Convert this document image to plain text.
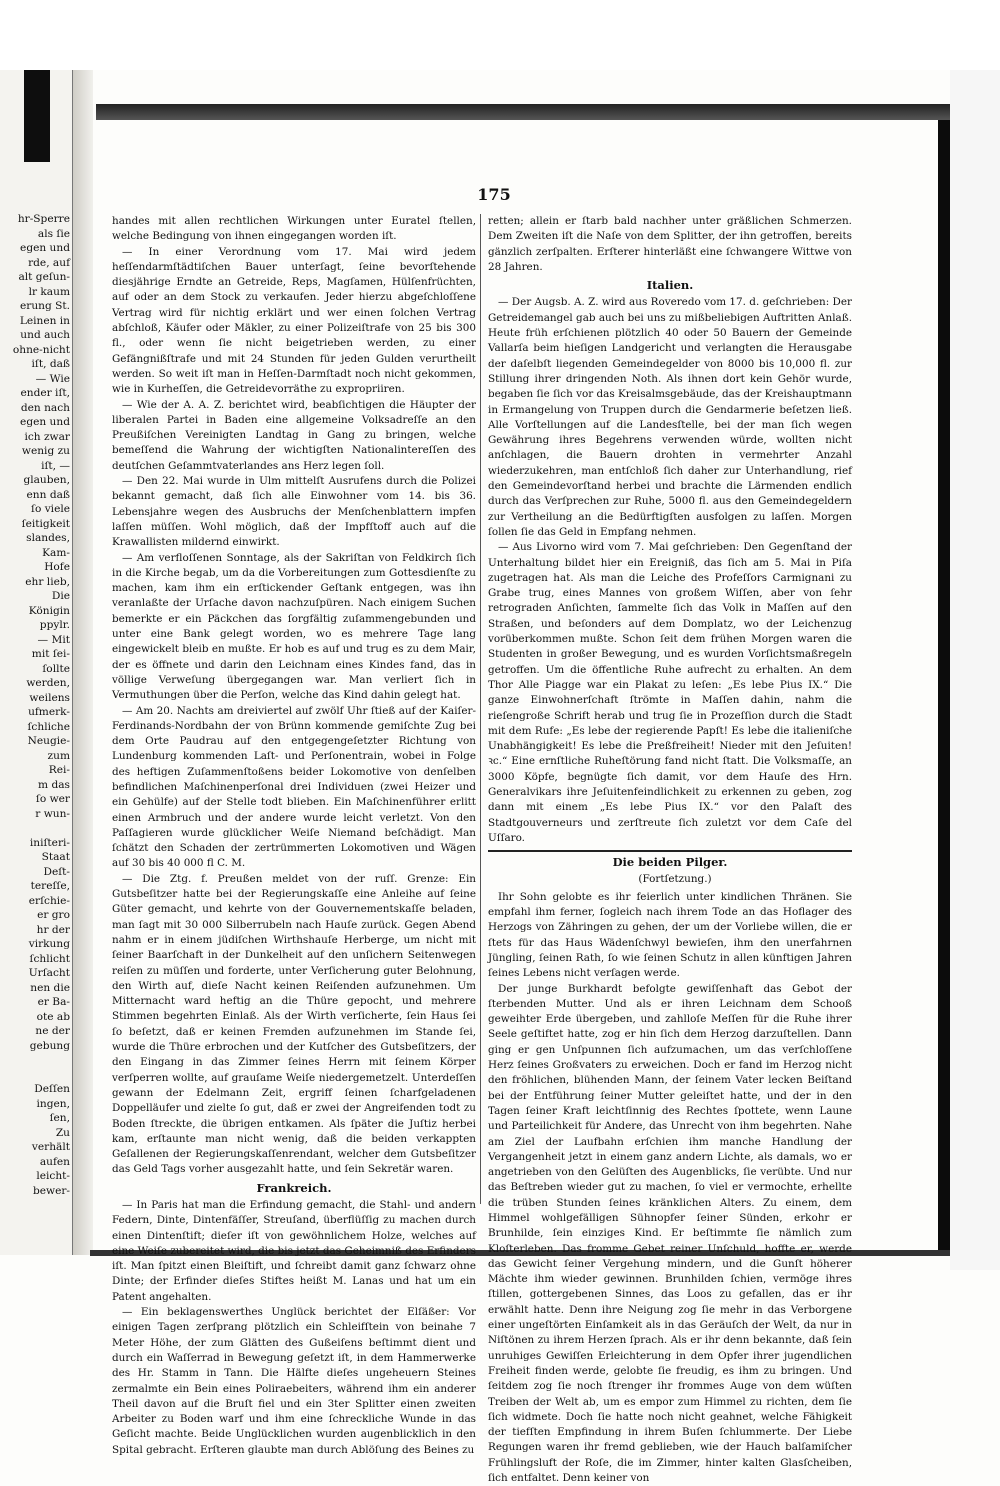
hr-Sperre
als ſie
egen und
rde, auf
alt geſun-
lr kaum
erung St.
Leinen in
und auch
ohne-nicht
iſt, daß
— Wie
ender iſt,
den nach
egen und
ich zwar
wenig zu
iſt, —
glauben,
enn daß
ſo viele
ſeitigkeit
slandes,
Kam-
Hofe
ehr lieb,
Die
Königin
ppylr.
— Mit
mit ſei-
ſollte
werden,
weilens
ufmerk-
ſchliche
Neugie-
zum
Rei-
m das
ſo wer
r wun-
iniſteri-
Staat
Deſt-
tereſſe,
erſchie-
er gro
hr der
virkung
ſchlicht
Urſacht
nen die
er Ba-
ote ab
ne der
gebung
Deſſen
ingen,
ſen,
Zu
verhält
aufen
leicht-
bewer-
175

handes mit allen rechtlichen Wirkungen unter Euratel ſtellen, welche Bedingung von ihnen eingegangen worden iſt.

— In einer Verordnung vom 17. Mai wird jedem heſſendarmſtädtiſchen Bauer unterſagt, ſeine bevorſtehende diesjährige Erndte an Getreide, Reps, Magſamen, Hülſenfrüchten, auf oder an dem Stock zu verkaufen. Jeder hierzu abgeſchloſſene Vertrag wird für nichtig erklärt und wer einen ſolchen Vertrag abſchloß, Käufer oder Mäkler, zu einer Polizeiſtrafe von 25 bis 300 fl., oder wenn ſie nicht beigetrieben werden, zu einer Gefängnißſtrafe und mit 24 Stunden für jeden Gulden verurtheilt werden. So weit iſt man in Heſſen-Darmſtadt noch nicht gekommen, wie in Kurheſſen, die Getreidevorräthe zu expropriiren.

— Wie der A. A. Z. berichtet wird, beabſichtigen die Häupter der liberalen Partei in Baden eine allgemeine Volksadreſſe an den Preußiſchen Vereinigten Landtag in Gang zu bringen, welche bemeſſend die Wahrung der wichtigſten Nationalintereſſen des deutſchen Geſammtvaterlandes ans Herz legen ſoll.

— Den 22. Mai wurde in Ulm mittelſt Ausrufens durch die Polizei bekannt gemacht, daß ſich alle Einwohner vom 14. bis 36. Lebensjahre wegen des Ausbruchs der Menſchenblattern impfen laſſen müſſen. Wohl möglich, daß der Impfſtoff auch auf die Krawallisten mildernd einwirkt.

— Am verfloſſenen Sonntage, als der Sakriſtan von Feldkirch ſich in die Kirche begab, um da die Vorbereitungen zum Gottesdienſte zu machen, kam ihm ein erſtickender Geſtank entgegen, was ihn veranlaßte der Urſache davon nachzuſpüren. Nach einigem Suchen bemerkte er ein Päckchen das ſorgfältig zuſammengebunden und unter eine Bank gelegt worden, wo es mehrere Tage lang eingewickelt bleib en mußte. Er hob es auf und trug es zu dem Mair, der es öffnete und darin den Leichnam eines Kindes fand, das in völlige Verweſung übergegangen war. Man verliert ſich in Vermuthungen über die Perſon, welche das Kind dahin gelegt hat.

— Am 20. Nachts am dreiviertel auf zwölf Uhr ſtieß auf der Kaiſer-Ferdinands-Nordbahn der von Brünn kommende gemiſchte Zug bei dem Orte Paudrau auf den entgegengeſetzter Richtung von Lundenburg kommenden Laſt- und Perſonentrain, wobei in Folge des heftigen Zuſammenſtoßens beider Lokomotive von denſelben befindlichen Maſchinenperſonal drei Individuen (zwei Heizer und ein Gehülfe) auf der Stelle todt blieben. Ein Maſchinenführer erlitt einen Armbruch und der andere wurde leicht verletzt. Von den Paſſagieren wurde glücklicher Weiſe Niemand beſchädigt. Man ſchätzt den Schaden der zertrümmerten Lokomotiven und Wägen auf 30 bis 40 000 fl C. M.

— Die Ztg. f. Preußen meldet von der ruſſ. Grenze: Ein Gutsbeſitzer hatte bei der Regierungskaſſe eine Anleihe auf ſeine Güter gemacht, und kehrte von der Gouvernementskaſſe beladen, man ſagt mit 30 000 Silberrubeln nach Hauſe zurück. Gegen Abend nahm er in einem jüdiſchen Wirthshauſe Herberge, um nicht mit ſeiner Baarſchaft in der Dunkelheit auf den unſichern Seitenwegen reiſen zu müſſen und forderte, unter Verſicherung guter Belohnung, den Wirth auf, dieſe Nacht keinen Reiſenden aufzunehmen. Um Mitternacht ward heftig an die Thüre gepocht, und mehrere Stimmen begehrten Einlaß. Als der Wirth verſicherte, ſein Haus ſei ſo beſetzt, daß er keinen Fremden aufzunehmen im Stande ſei, wurde die Thüre erbrochen und der Kutſcher des Gutsbeſitzers, der den Eingang in das Zimmer ſeines Herrn mit ſeinem Körper verſperren wollte, auf grauſame Weiſe niedergemetzelt. Unterdeſſen gewann der Edelmann Zeit, ergriff ſeinen ſcharfgeladenen Doppelläufer und zielte ſo gut, daß er zwei der Angreifenden todt zu Boden ſtreckte, die übrigen entkamen. Als ſpäter die Juſtiz herbei kam, erſtaunte man nicht wenig, daß die beiden verkappten Geſallenen der Regierungskaſſenrendant, welcher dem Gutsbeſitzer das Geld Tags vorher ausgezahlt hatte, und ſein Sekretär waren.

Frankreich.

— In Paris hat man die Erfindung gemacht, die Stahl- und andern Federn, Dinte, Dintenfäſſer, Streuſand, überflüſſig zu machen durch einen Dintenſtift; dieſer iſt von gewöhnlichem Holze, welches auf eine Weiſe zubereitet wird, die bis jetzt das Geheimniß des Erfinders iſt. Man ſpitzt einen Bleiſtift, und ſchreibt damit ganz ſchwarz ohne Dinte; der Erfinder dieſes Stiftes heißt M. Lanas und hat um ein Patent angehalten.

— Ein beklagenswerthes Unglück berichtet der Elſäßer: Vor einigen Tagen zerſprang plötzlich ein Schleifſtein von beinahe 7 Meter Höhe, der zum Glätten des Gußeiſens beſtimmt dient und durch ein Waſſerrad in Bewegung geſetzt iſt, in dem Hammerwerke des Hr. Stamm in Tann. Die Hälfte dieſes ungeheuern Steines zermalmte ein Bein eines Poliraebeiters, während ihm ein anderer Theil davon auf die Bruſt fiel und ein 3ter Splitter einen zweiten Arbeiter zu Boden warf und ihm eine ſchreckliche Wunde in das Geſicht machte. Beide Unglücklichen wurden augenblicklich in den Spital gebracht. Erſteren glaubte man durch Ablöſung des Beines zu

retten; allein er ſtarb bald nachher unter gräßlichen Schmerzen. Dem Zweiten iſt die Naſe von dem Splitter, der ihn getroffen, bereits gänzlich zerſpalten. Erſterer hinterläßt eine ſchwangere Wittwe von 28 Jahren.

Italien.

— Der Augsb. A. Z. wird aus Roveredo vom 17. d. geſchrieben: Der Getreidemangel gab auch bei uns zu mißbeliebigen Auftritten Anlaß. Heute früh erſchienen plötzlich 40 oder 50 Bauern der Gemeinde Vallarſa beim hieſigen Landgericht und verlangten die Herausgabe der daſelbſt liegenden Gemeindegelder von 8000 bis 10,000 fl. zur Stillung ihrer dringenden Noth. Als ihnen dort kein Gehör wurde, begaben ſie ſich vor das Kreisalmsgebäude, das der Kreishauptmann in Ermangelung von Truppen durch die Gendarmerie beſetzen ließ. Alle Vorſtellungen auf die Landesſtelle, bei der man ſich wegen Gewährung ihres Begehrens verwenden würde, wollten nicht anſchlagen, die Bauern drohten in vermehrter Anzahl wiederzukehren, man entſchloß ſich daher zur Unterhandlung, rief den Gemeindevorſtand herbei und brachte die Lärmenden endlich durch das Verſprechen zur Ruhe, 5000 fl. aus den Gemeindegeldern zur Vertheilung an die Bedürftigſten ausfolgen zu laſſen. Morgen ſollen ſie das Geld in Empfang nehmen.

— Aus Livorno wird vom 7. Mai geſchrieben: Den Gegenſtand der Unterhaltung bildet hier ein Ereigniß, das ſich am 5. Mai in Piſa zugetragen hat. Als man die Leiche des Profeſſors Carmignani zu Grabe trug, eines Mannes von großem Wiſſen, aber von ſehr retrograden Anſichten, ſammelte ſich das Volk in Maſſen auf den Straßen, und beſonders auf dem Domplatz, wo der Leichenzug vorüberkommen mußte. Schon ſeit dem frühen Morgen waren die Studenten in großer Bewegung, und es wurden Vorſichtsmaßregeln getroffen. Um die öffentliche Ruhe aufrecht zu erhalten. An dem Thor Alle Piagge war ein Plakat zu leſen: „Es lebe Pius IX.“ Die ganze Einwohnerſchaft ſtrömte in Maſſen dahin, nahm die rieſengroße Schrift herab und trug ſie in Prozeſſion durch die Stadt mit dem Rufe: „Es lebe der regierende Papſt! Es lebe die italieniſche Unabhängigkeit! Es lebe die Preßfreiheit! Nieder mit den Jeſuiten! ꝛc.“ Eine ernſtliche Ruheſtörung fand nicht ſtatt. Die Volksmaſſe, an 3000 Köpfe, begnügte ſich damit, vor dem Hauſe des Hrn. Generalvikars ihre Jeſuitenfeindlichkeit zu erkennen zu geben, zog dann mit einem „Es lebe Pius IX.“ vor den Palaſt des Stadtgouverneurs und zerſtreute ſich zuletzt vor dem Caſe del Uſſaro.

Die beiden Pilger.

(Fortſetzung.)

Ihr Sohn gelobte es ihr feierlich unter kindlichen Thränen. Sie empfahl ihm ferner, ſogleich nach ihrem Tode an das Hoflager des Herzogs von Zähringen zu gehen, der um der Vorliebe willen, die er ſtets für das Haus Wädenſchwyl bewieſen, ihm den unerfahrnen Jüngling, ſeinen Rath, ſo wie ſeinen Schutz in allen künftigen Jahren ſeines Lebens nicht verſagen werde.

Der junge Burkhardt befolgte gewiſſenhaft das Gebot der ſterbenden Mutter. Und als er ihren Leichnam dem Schooß geweihter Erde übergeben, und zahlloſe Meſſen für die Ruhe ihrer Seele geſtiftet hatte, zog er hin ſich dem Herzog darzuſtellen. Dann ging er gen Unſpunnen ſich aufzumachen, um das verſchloſſene Herz ſeines Großvaters zu erweichen. Doch er fand im Herzog nicht den fröhlichen, blühenden Mann, der ſeinem Vater lecken Beiſtand bei der Entführung ſeiner Mutter geleiſtet hatte, und der in den Tagen ſeiner Kraft leichtſinnig des Rechtes ſpottete, wenn Laune und Parteilichkeit für Andere, das Unrecht von ihm begehrten. Nahe am Ziel der Laufbahn erſchien ihm manche Handlung der Vergangenheit jetzt in einem ganz andern Lichte, als damals, wo er angetrieben von den Gelüſten des Augenblicks, ſie verübte. Und nur das Beſtreben wieder gut zu machen, ſo viel er vermochte, erhellte die trüben Stunden ſeines kränklichen Alters. Zu einem, dem Himmel wohlgefälligen Sühnopfer ſeiner Sünden, erkohr er Brunhilde, ſein einziges Kind. Er beſtimmte ſie nämlich zum Kloſterleben. Das fromme Gebet reiner Unſchuld, hoffte er, werde das Gewicht ſeiner Vergehung mindern, und die Gunſt höherer Mächte ihm wieder gewinnen. Brunhilden ſchien, vermöge ihres ſtillen, gottergebenen Sinnes, das Loos zu gefallen, das er ihr erwählt hatte. Denn ihre Neigung zog ſie mehr in das Verborgene einer ungeſtörten Einſamkeit als in das Geräuſch der Welt, da nur in Niſtönen zu ihrem Herzen ſprach. Als er ihr denn bekannte, daß ſein unruhiges Gewiſſen Erleichterung in dem Opfer ihrer jugendlichen Freiheit finden werde, gelobte ſie freudig, es ihm zu bringen. Und ſeitdem zog ſie noch ſtrenger ihr frommes Auge von dem wüſten Treiben der Welt ab, um es empor zum Himmel zu richten, dem ſie ſich widmete. Doch ſie hatte noch nicht geahnet, welche Fähigkeit der tiefſten Empfindung in ihrem Buſen ſchlummerte. Der Liebe Regungen waren ihr fremd geblieben, wie der Hauch balſamiſcher Frühlingsluft der Roſe, die im Zimmer, hinter kalten Glasſcheiben, ſich entfaltet. Denn keiner von
